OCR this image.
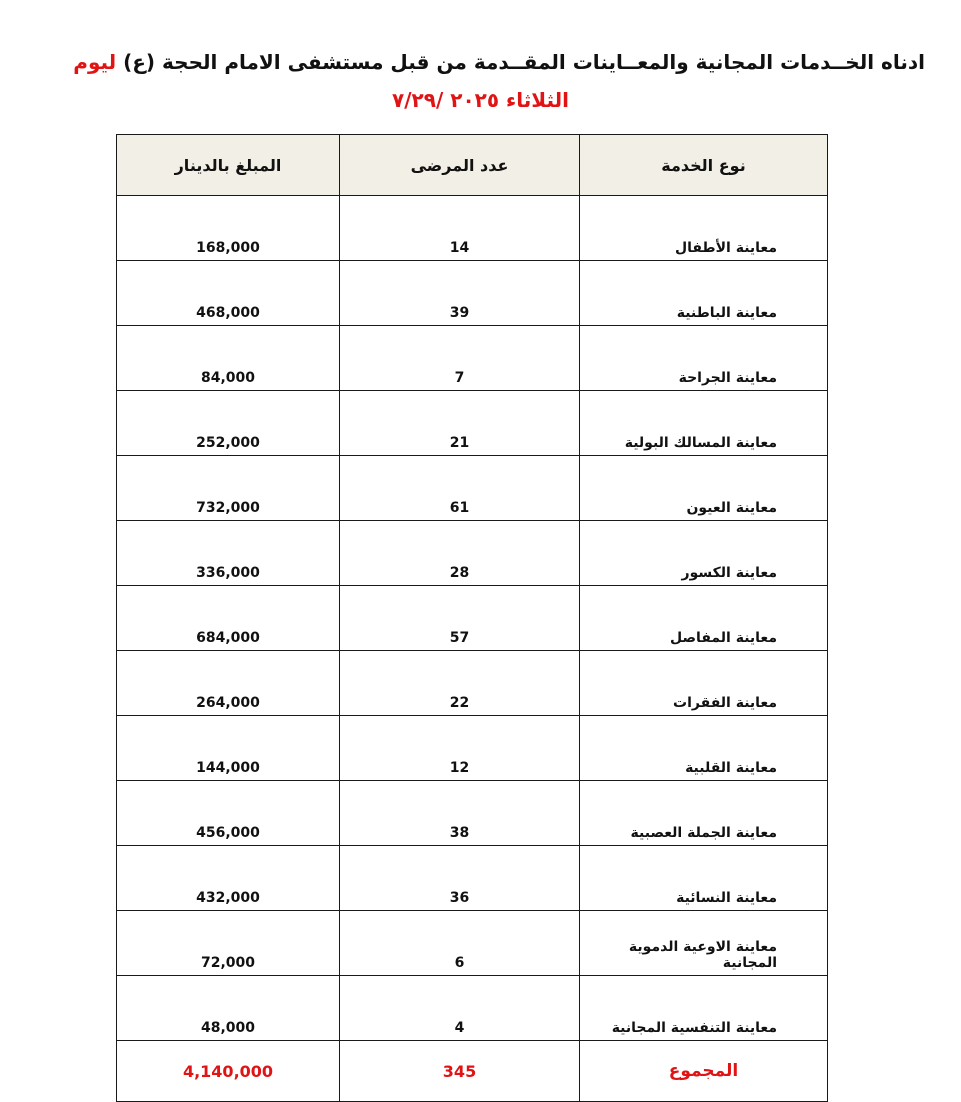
ادناه الخــدمات المجانية والمعــاينات المقــدمة من قبل مستشفى الامام الحجة (ع) ليوم
الثلاثاء ٢٠٢٥ /٧/٢٩
المبلغ بالدينار	عدد المرضى	نوع الخدمة
168,000	14	معاينة الأطفال
468,000	39	معاينة الباطنية
84,000	7	معاينة الجراحة
252,000	21	معاينة المسالك البولية
732,000	61	معاينة العيون
336,000	28	معاينة الكسور
684,000	57	معاينة المفاصل
264,000	22	معاينة الفقرات
144,000	12	معاينة القلبية
456,000	38	معاينة الجملة العصبية
432,000	36	معاينة النسائية
72,000	6	معاينة الاوعية الدموية المجانية
48,000	4	معاينة التنفسية المجانية
4,140,000	345	المجموع
